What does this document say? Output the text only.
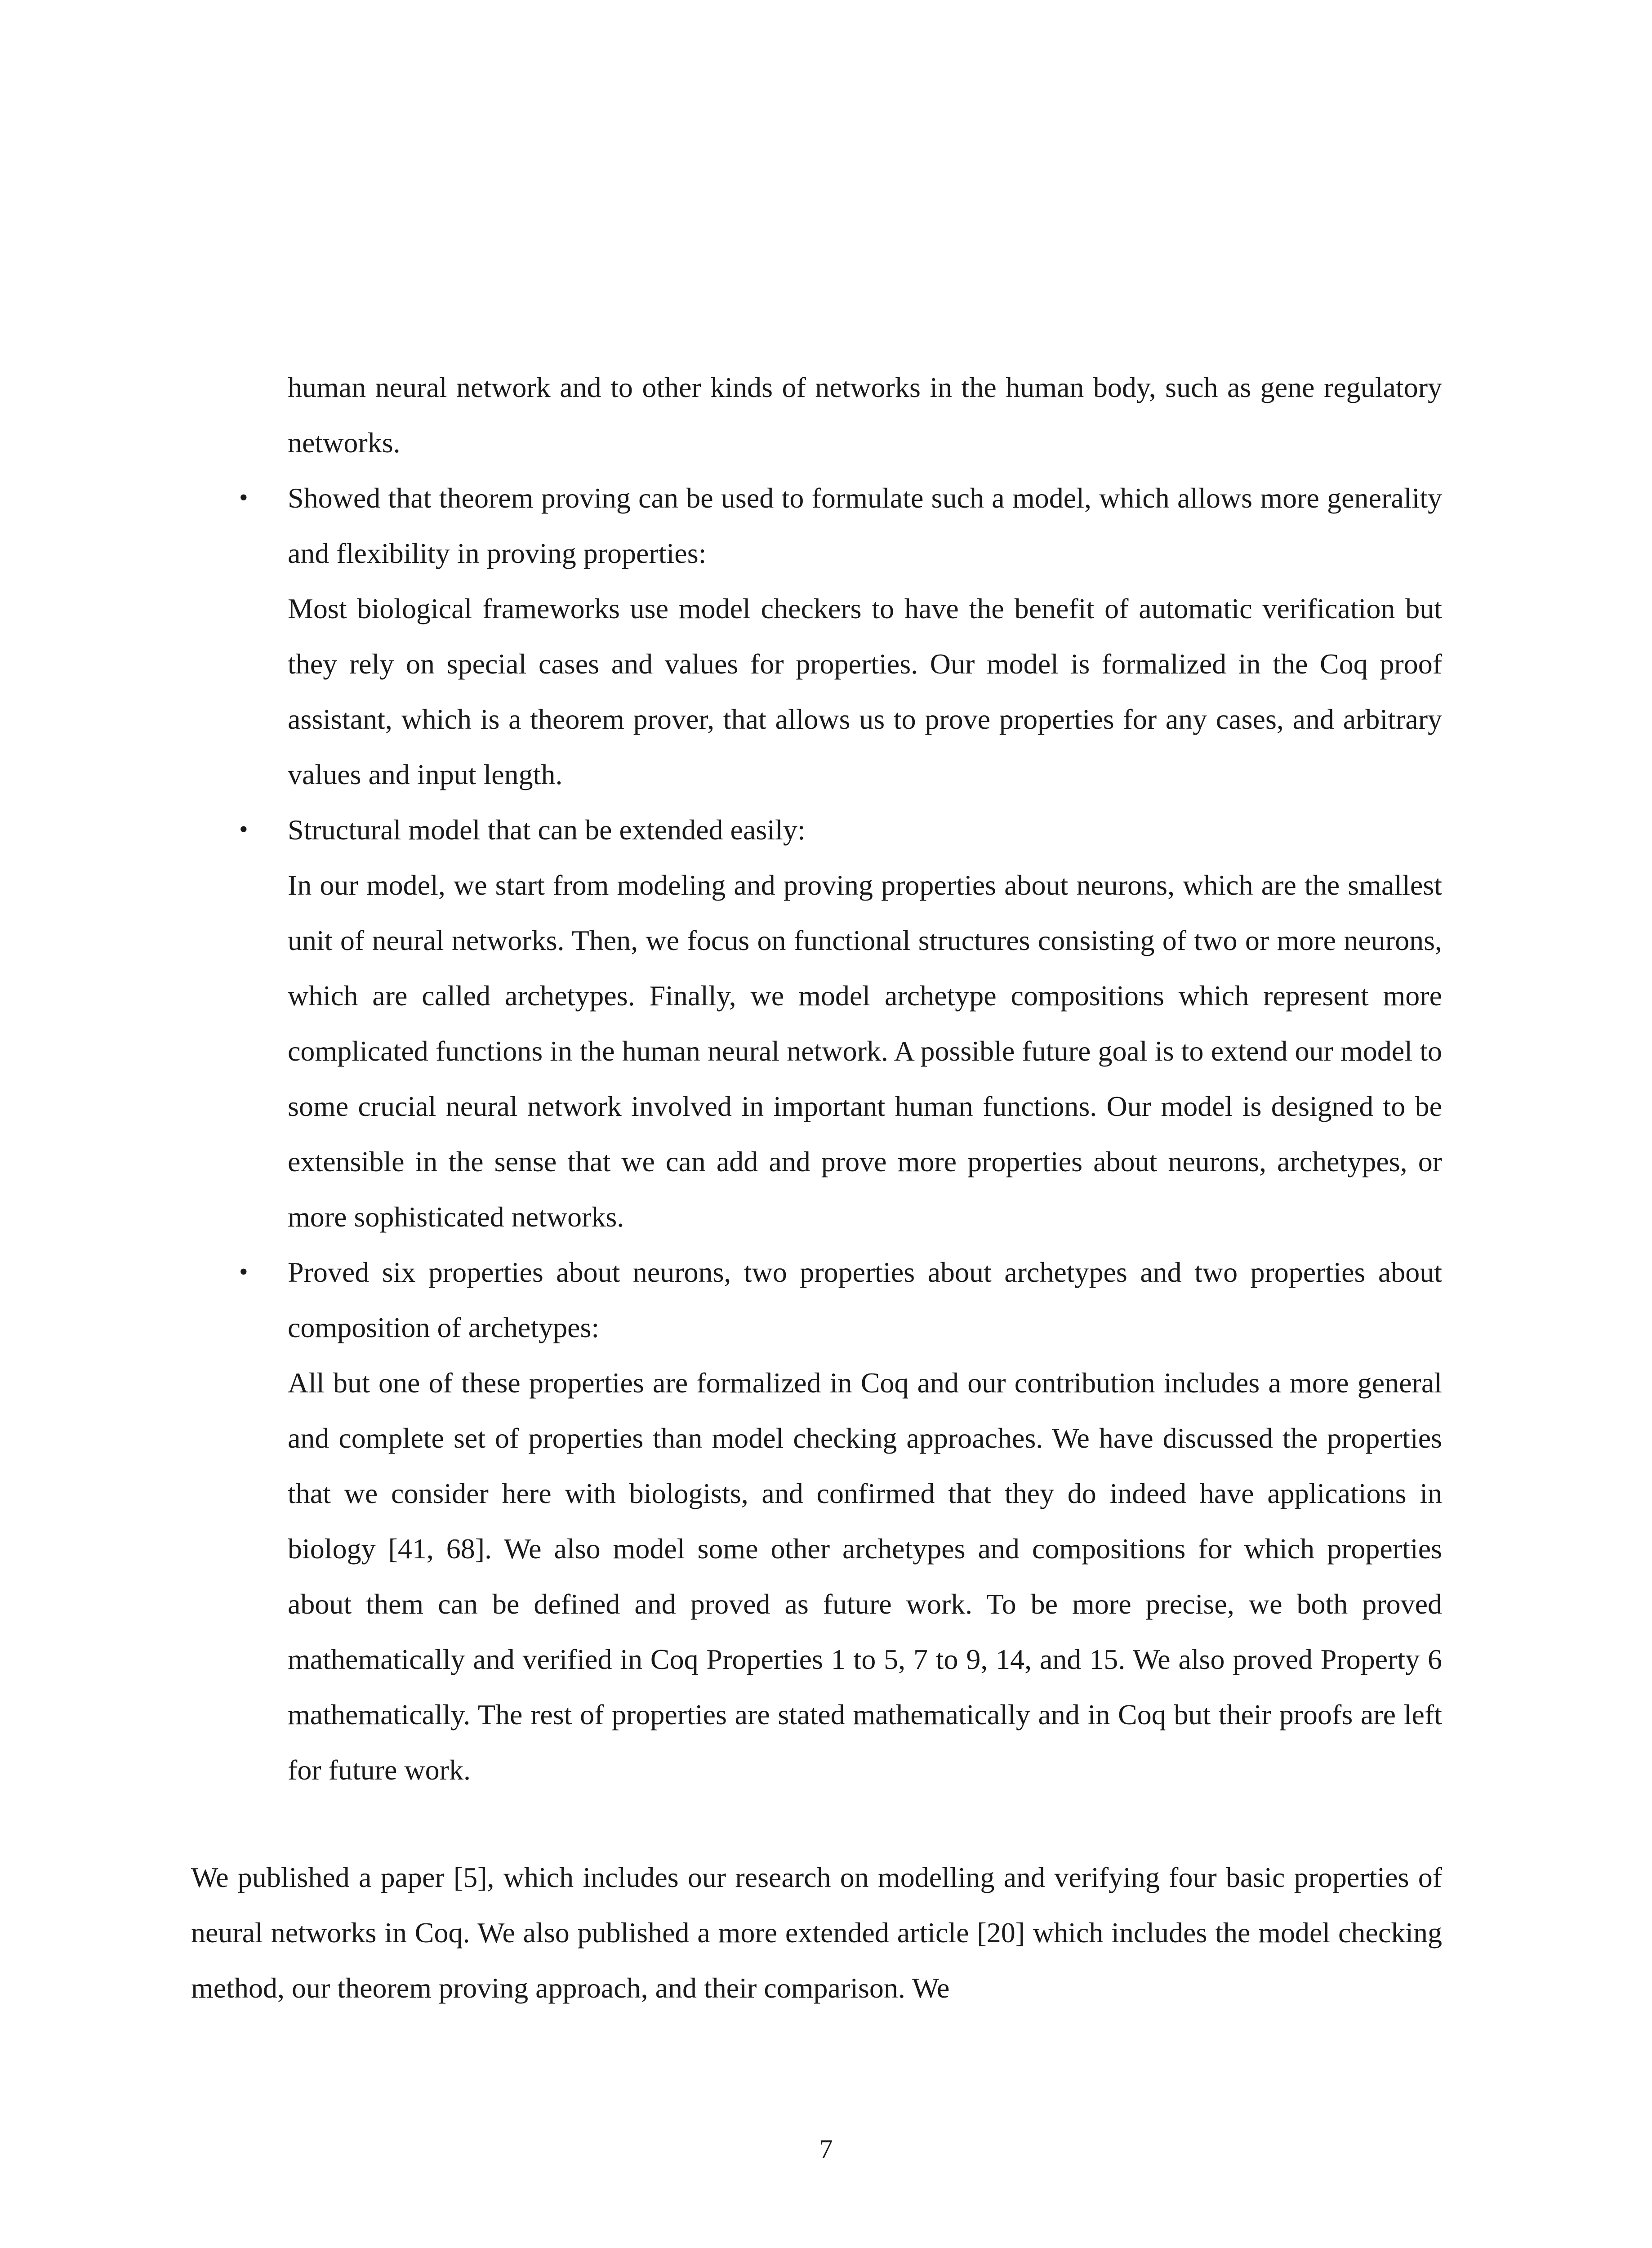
human neural network and to other kinds of networks in the human body, such as gene regulatory networks.

• Showed that theorem proving can be used to formulate such a model, which allows more generality and flexibility in proving properties:
Most biological frameworks use model checkers to have the benefit of automatic verification but they rely on special cases and values for properties. Our model is formalized in the Coq proof assistant, which is a theorem prover, that allows us to prove properties for any cases, and arbitrary values and input length.
• Structural model that can be extended easily:
In our model, we start from modeling and proving properties about neurons, which are the smallest unit of neural networks. Then, we focus on functional structures consisting of two or more neurons, which are called archetypes. Finally, we model archetype compositions which represent more complicated functions in the human neural network. A possible future goal is to extend our model to some crucial neural network involved in important human functions. Our model is designed to be extensible in the sense that we can add and prove more properties about neurons, archetypes, or more sophisticated networks.
• Proved six properties about neurons, two properties about archetypes and two properties about composition of archetypes:
All but one of these properties are formalized in Coq and our contribution includes a more general and complete set of properties than model checking approaches. We have discussed the properties that we consider here with biologists, and confirmed that they do indeed have applications in biology [41, 68]. We also model some other archetypes and compositions for which properties about them can be defined and proved as future work. To be more precise, we both proved mathematically and verified in Coq Properties 1 to 5, 7 to 9, 14, and 15. We also proved Property 6 mathematically. The rest of properties are stated mathematically and in Coq but their proofs are left for future work.

We published a paper [5], which includes our research on modelling and verifying four basic properties of neural networks in Coq. We also published a more extended article [20] which includes the model checking method, our theorem proving approach, and their comparison. We

7
